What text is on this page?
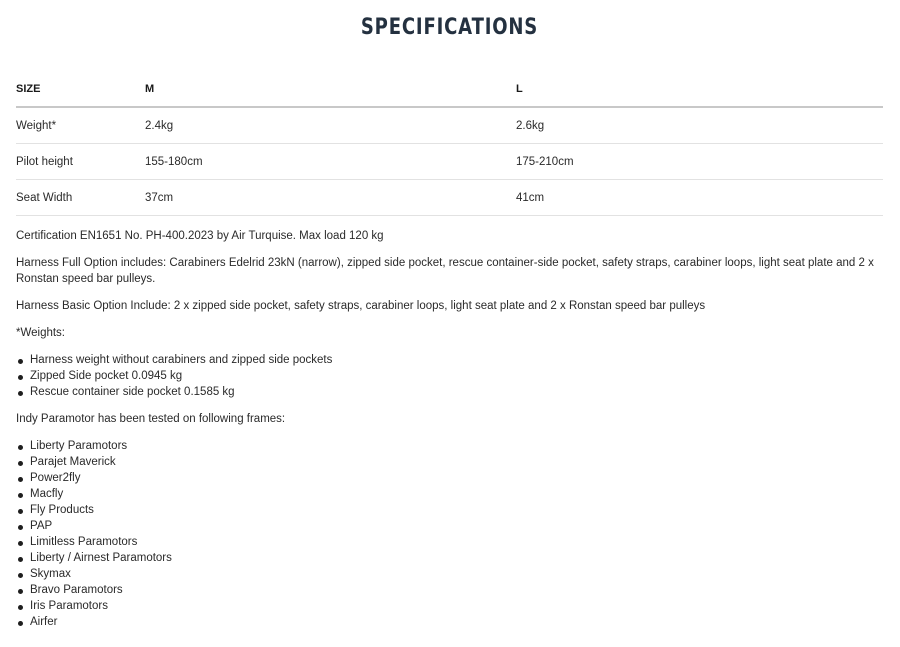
SPECIFICATIONS
SIZE	M	L
Weight*	2.4kg	2.6kg
Pilot height	155-180cm	175-210cm
Seat Width	37cm	41cm

Certification EN1651 No. PH-400.2023 by Air Turquise. Max load 120 kg

Harness Full Option includes: Carabiners Edelrid 23kN (narrow), zipped side pocket, rescue container-side pocket, safety straps, carabiner loops, light seat plate and 2 x Ronstan speed bar pulleys.

Harness Basic Option Include: 2 x zipped side pocket, safety straps, carabiner loops, light seat plate and 2 x Ronstan speed bar pulleys

*Weights:

Harness weight without carabiners and zipped side pockets
Zipped Side pocket 0.0945 kg
Rescue container side pocket 0.1585 kg

Indy Paramotor has been tested on following frames:

Liberty Paramotors
Parajet Maverick
Power2fly
Macfly
Fly Products
PAP
Limitless Paramotors
Liberty / Airnest Paramotors
Skymax
Bravo Paramotors
Iris Paramotors
Airfer
